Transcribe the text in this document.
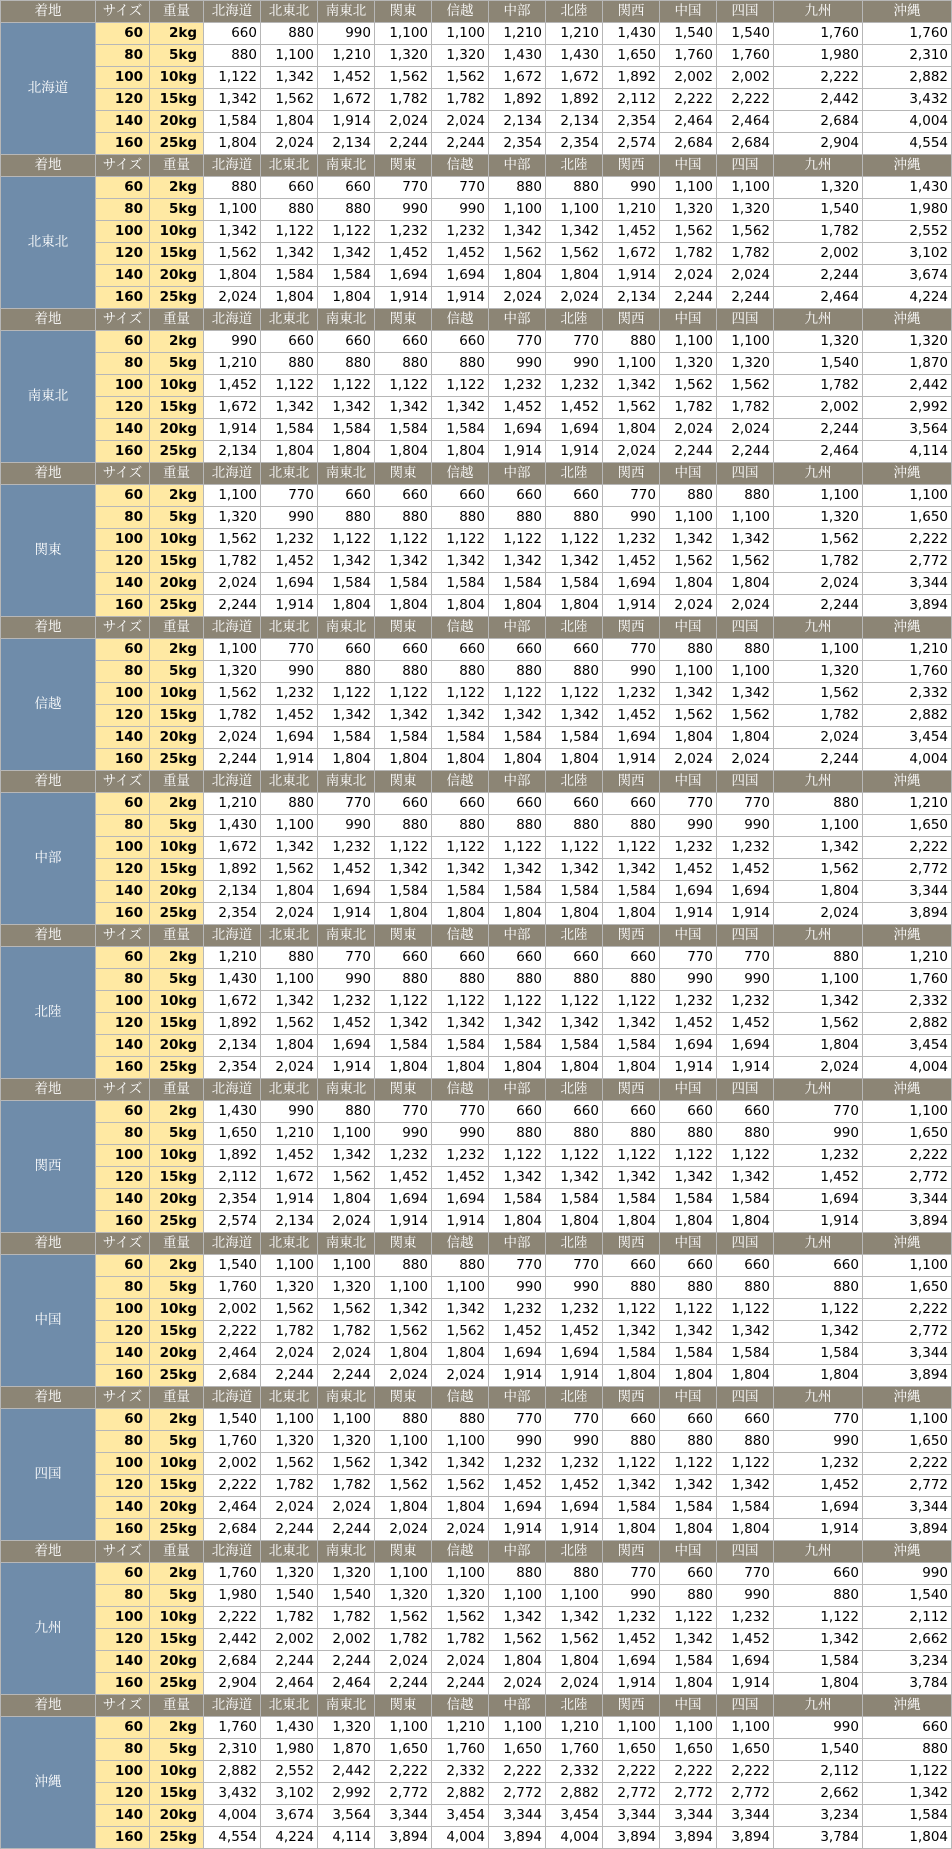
着地	サイズ	重量	北海道	北東北	南東北	関東	信越	中部	北陸	関西	中国	四国	九州	沖縄
北海道	60	2kg	660	880	990	1,100	1,100	1,210	1,210	1,430	1,540	1,540	1,760	1,760
	80	5kg	880	1,100	1,210	1,320	1,320	1,430	1,430	1,650	1,760	1,760	1,980	2,310
	100	10kg	1,122	1,342	1,452	1,562	1,562	1,672	1,672	1,892	2,002	2,002	2,222	2,882
	120	15kg	1,342	1,562	1,672	1,782	1,782	1,892	1,892	2,112	2,222	2,222	2,442	3,432
	140	20kg	1,584	1,804	1,914	2,024	2,024	2,134	2,134	2,354	2,464	2,464	2,684	4,004
	160	25kg	1,804	2,024	2,134	2,244	2,244	2,354	2,354	2,574	2,684	2,684	2,904	4,554
着地	サイズ	重量	北海道	北東北	南東北	関東	信越	中部	北陸	関西	中国	四国	九州	沖縄
北東北	60	2kg	880	660	660	770	770	880	880	990	1,100	1,100	1,320	1,430
	80	5kg	1,100	880	880	990	990	1,100	1,100	1,210	1,320	1,320	1,540	1,980
	100	10kg	1,342	1,122	1,122	1,232	1,232	1,342	1,342	1,452	1,562	1,562	1,782	2,552
	120	15kg	1,562	1,342	1,342	1,452	1,452	1,562	1,562	1,672	1,782	1,782	2,002	3,102
	140	20kg	1,804	1,584	1,584	1,694	1,694	1,804	1,804	1,914	2,024	2,024	2,244	3,674
	160	25kg	2,024	1,804	1,804	1,914	1,914	2,024	2,024	2,134	2,244	2,244	2,464	4,224
着地	サイズ	重量	北海道	北東北	南東北	関東	信越	中部	北陸	関西	中国	四国	九州	沖縄
南東北	60	2kg	990	660	660	660	660	770	770	880	1,100	1,100	1,320	1,320
	80	5kg	1,210	880	880	880	880	990	990	1,100	1,320	1,320	1,540	1,870
	100	10kg	1,452	1,122	1,122	1,122	1,122	1,232	1,232	1,342	1,562	1,562	1,782	2,442
	120	15kg	1,672	1,342	1,342	1,342	1,342	1,452	1,452	1,562	1,782	1,782	2,002	2,992
	140	20kg	1,914	1,584	1,584	1,584	1,584	1,694	1,694	1,804	2,024	2,024	2,244	3,564
	160	25kg	2,134	1,804	1,804	1,804	1,804	1,914	1,914	2,024	2,244	2,244	2,464	4,114
着地	サイズ	重量	北海道	北東北	南東北	関東	信越	中部	北陸	関西	中国	四国	九州	沖縄
関東	60	2kg	1,100	770	660	660	660	660	660	770	880	880	1,100	1,100
	80	5kg	1,320	990	880	880	880	880	880	990	1,100	1,100	1,320	1,650
	100	10kg	1,562	1,232	1,122	1,122	1,122	1,122	1,122	1,232	1,342	1,342	1,562	2,222
	120	15kg	1,782	1,452	1,342	1,342	1,342	1,342	1,342	1,452	1,562	1,562	1,782	2,772
	140	20kg	2,024	1,694	1,584	1,584	1,584	1,584	1,584	1,694	1,804	1,804	2,024	3,344
	160	25kg	2,244	1,914	1,804	1,804	1,804	1,804	1,804	1,914	2,024	2,024	2,244	3,894
着地	サイズ	重量	北海道	北東北	南東北	関東	信越	中部	北陸	関西	中国	四国	九州	沖縄
信越	60	2kg	1,100	770	660	660	660	660	660	770	880	880	1,100	1,210
	80	5kg	1,320	990	880	880	880	880	880	990	1,100	1,100	1,320	1,760
	100	10kg	1,562	1,232	1,122	1,122	1,122	1,122	1,122	1,232	1,342	1,342	1,562	2,332
	120	15kg	1,782	1,452	1,342	1,342	1,342	1,342	1,342	1,452	1,562	1,562	1,782	2,882
	140	20kg	2,024	1,694	1,584	1,584	1,584	1,584	1,584	1,694	1,804	1,804	2,024	3,454
	160	25kg	2,244	1,914	1,804	1,804	1,804	1,804	1,804	1,914	2,024	2,024	2,244	4,004
着地	サイズ	重量	北海道	北東北	南東北	関東	信越	中部	北陸	関西	中国	四国	九州	沖縄
中部	60	2kg	1,210	880	770	660	660	660	660	660	770	770	880	1,210
	80	5kg	1,430	1,100	990	880	880	880	880	880	990	990	1,100	1,650
	100	10kg	1,672	1,342	1,232	1,122	1,122	1,122	1,122	1,122	1,232	1,232	1,342	2,222
	120	15kg	1,892	1,562	1,452	1,342	1,342	1,342	1,342	1,342	1,452	1,452	1,562	2,772
	140	20kg	2,134	1,804	1,694	1,584	1,584	1,584	1,584	1,584	1,694	1,694	1,804	3,344
	160	25kg	2,354	2,024	1,914	1,804	1,804	1,804	1,804	1,804	1,914	1,914	2,024	3,894
着地	サイズ	重量	北海道	北東北	南東北	関東	信越	中部	北陸	関西	中国	四国	九州	沖縄
北陸	60	2kg	1,210	880	770	660	660	660	660	660	770	770	880	1,210
	80	5kg	1,430	1,100	990	880	880	880	880	880	990	990	1,100	1,760
	100	10kg	1,672	1,342	1,232	1,122	1,122	1,122	1,122	1,122	1,232	1,232	1,342	2,332
	120	15kg	1,892	1,562	1,452	1,342	1,342	1,342	1,342	1,342	1,452	1,452	1,562	2,882
	140	20kg	2,134	1,804	1,694	1,584	1,584	1,584	1,584	1,584	1,694	1,694	1,804	3,454
	160	25kg	2,354	2,024	1,914	1,804	1,804	1,804	1,804	1,804	1,914	1,914	2,024	4,004
着地	サイズ	重量	北海道	北東北	南東北	関東	信越	中部	北陸	関西	中国	四国	九州	沖縄
関西	60	2kg	1,430	990	880	770	770	660	660	660	660	660	770	1,100
	80	5kg	1,650	1,210	1,100	990	990	880	880	880	880	880	990	1,650
	100	10kg	1,892	1,452	1,342	1,232	1,232	1,122	1,122	1,122	1,122	1,122	1,232	2,222
	120	15kg	2,112	1,672	1,562	1,452	1,452	1,342	1,342	1,342	1,342	1,342	1,452	2,772
	140	20kg	2,354	1,914	1,804	1,694	1,694	1,584	1,584	1,584	1,584	1,584	1,694	3,344
	160	25kg	2,574	2,134	2,024	1,914	1,914	1,804	1,804	1,804	1,804	1,804	1,914	3,894
着地	サイズ	重量	北海道	北東北	南東北	関東	信越	中部	北陸	関西	中国	四国	九州	沖縄
中国	60	2kg	1,540	1,100	1,100	880	880	770	770	660	660	660	660	1,100
	80	5kg	1,760	1,320	1,320	1,100	1,100	990	990	880	880	880	880	1,650
	100	10kg	2,002	1,562	1,562	1,342	1,342	1,232	1,232	1,122	1,122	1,122	1,122	2,222
	120	15kg	2,222	1,782	1,782	1,562	1,562	1,452	1,452	1,342	1,342	1,342	1,342	2,772
	140	20kg	2,464	2,024	2,024	1,804	1,804	1,694	1,694	1,584	1,584	1,584	1,584	3,344
	160	25kg	2,684	2,244	2,244	2,024	2,024	1,914	1,914	1,804	1,804	1,804	1,804	3,894
着地	サイズ	重量	北海道	北東北	南東北	関東	信越	中部	北陸	関西	中国	四国	九州	沖縄
四国	60	2kg	1,540	1,100	1,100	880	880	770	770	660	660	660	770	1,100
	80	5kg	1,760	1,320	1,320	1,100	1,100	990	990	880	880	880	990	1,650
	100	10kg	2,002	1,562	1,562	1,342	1,342	1,232	1,232	1,122	1,122	1,122	1,232	2,222
	120	15kg	2,222	1,782	1,782	1,562	1,562	1,452	1,452	1,342	1,342	1,342	1,452	2,772
	140	20kg	2,464	2,024	2,024	1,804	1,804	1,694	1,694	1,584	1,584	1,584	1,694	3,344
	160	25kg	2,684	2,244	2,244	2,024	2,024	1,914	1,914	1,804	1,804	1,804	1,914	3,894
着地	サイズ	重量	北海道	北東北	南東北	関東	信越	中部	北陸	関西	中国	四国	九州	沖縄
九州	60	2kg	1,760	1,320	1,320	1,100	1,100	880	880	770	660	770	660	990
	80	5kg	1,980	1,540	1,540	1,320	1,320	1,100	1,100	990	880	990	880	1,540
	100	10kg	2,222	1,782	1,782	1,562	1,562	1,342	1,342	1,232	1,122	1,232	1,122	2,112
	120	15kg	2,442	2,002	2,002	1,782	1,782	1,562	1,562	1,452	1,342	1,452	1,342	2,662
	140	20kg	2,684	2,244	2,244	2,024	2,024	1,804	1,804	1,694	1,584	1,694	1,584	3,234
	160	25kg	2,904	2,464	2,464	2,244	2,244	2,024	2,024	1,914	1,804	1,914	1,804	3,784
着地	サイズ	重量	北海道	北東北	南東北	関東	信越	中部	北陸	関西	中国	四国	九州	沖縄
沖縄	60	2kg	1,760	1,430	1,320	1,100	1,210	1,100	1,210	1,100	1,100	1,100	990	660
	80	5kg	2,310	1,980	1,870	1,650	1,760	1,650	1,760	1,650	1,650	1,650	1,540	880
	100	10kg	2,882	2,552	2,442	2,222	2,332	2,222	2,332	2,222	2,222	2,222	2,112	1,122
	120	15kg	3,432	3,102	2,992	2,772	2,882	2,772	2,882	2,772	2,772	2,772	2,662	1,342
	140	20kg	4,004	3,674	3,564	3,344	3,454	3,344	3,454	3,344	3,344	3,344	3,234	1,584
	160	25kg	4,554	4,224	4,114	3,894	4,004	3,894	4,004	3,894	3,894	3,894	3,784	1,804
